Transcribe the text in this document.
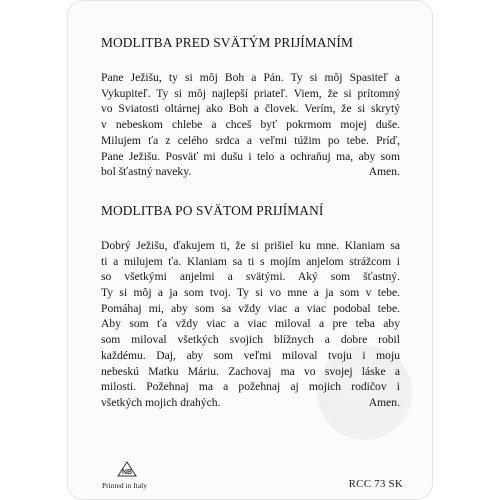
MODLITBA PRED SVÄTÝM PRIJÍMANÍM

Pane Ježišu, ty si môj Boh a Pán. Ty si môj Spasiteľ a
Vykupiteľ. Ty si môj najlepší priateľ. Viem, že si prítomný
vo Sviatosti oltárnej ako Boh a človek. Verím, že si skrytý
v nebeskom chlebe a chceš byť pokrmom mojej duše.
Milujem ťa z celého srdca a veľmi túžim po tebe. Príď,
Pane Ježišu. Posväť mi dušu i telo a ochraňuj ma, aby som
bol šťastný naveky.	Amen.

MODLITBA PO SVÄTOM PRIJÍMANÍ

Dobrý Ježišu, ďakujem ti, že si prišiel ku mne. Klaniam sa
ti a milujem ťa. Klaniam sa ti s mojím anjelom strážcom i
so všetkými anjelmi a svätými. Aký som šťastný.
Ty si môj a ja som tvoj. Ty si vo mne a ja som v tebe.
Pomáhaj mi, aby som sa vždy viac a viac podobal tebe.
Aby som ťa vždy viac a viac miloval a pre teba aby
som miloval všetkých svojich blížnych a dobre robil
každému. Daj, aby som veľmi miloval tvoju i moju
nebeskú Matku Máriu. Zachovaj ma vo svojej láske a
milosti. Požehnaj ma a požehnaj aj mojich rodičov i
všetkých mojich drahých.	Amen.

NB
Printed in Italy	RCC 73 SK
